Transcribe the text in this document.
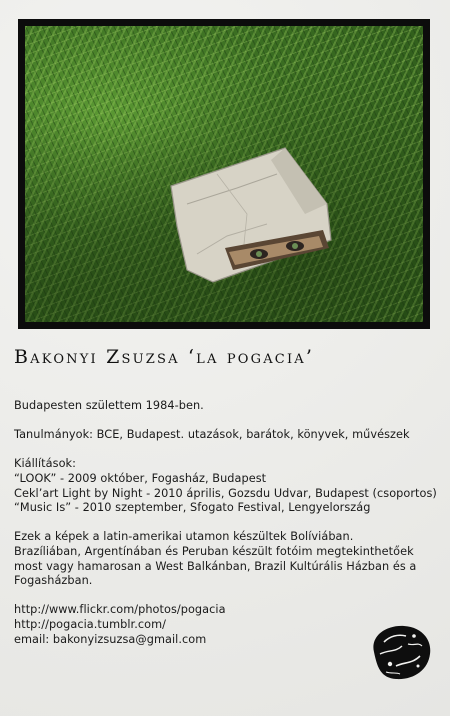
Bakonyi Zsuzsa ‘la pogacia’

Budapesten születtem 1984-ben.

Tanulmányok: BCE, Budapest. utazások, barátok, könyvek, művészek

Kiállítások:
“LOOK” - 2009 október, Fogasház, Budapest
Cekl’art Light by Night - 2010 április, Gozsdu Udvar, Budapest (csoportos)
“Music Is” - 2010 szeptember, Sfogato Festival, Lengyelország

Ezek a képek a latin-amerikai utamon készültek Bolíviában.
Brazíliában, Argentínában és Peruban készült fotóim megtekinthetőek
most vagy hamarosan a West Balkánban, Brazil Kultúrális Házban és a
Fogasházban.

http://www.flickr.com/photos/pogacia
http://pogacia.tumblr.com/
email: bakonyizsuzsa@gmail.com
